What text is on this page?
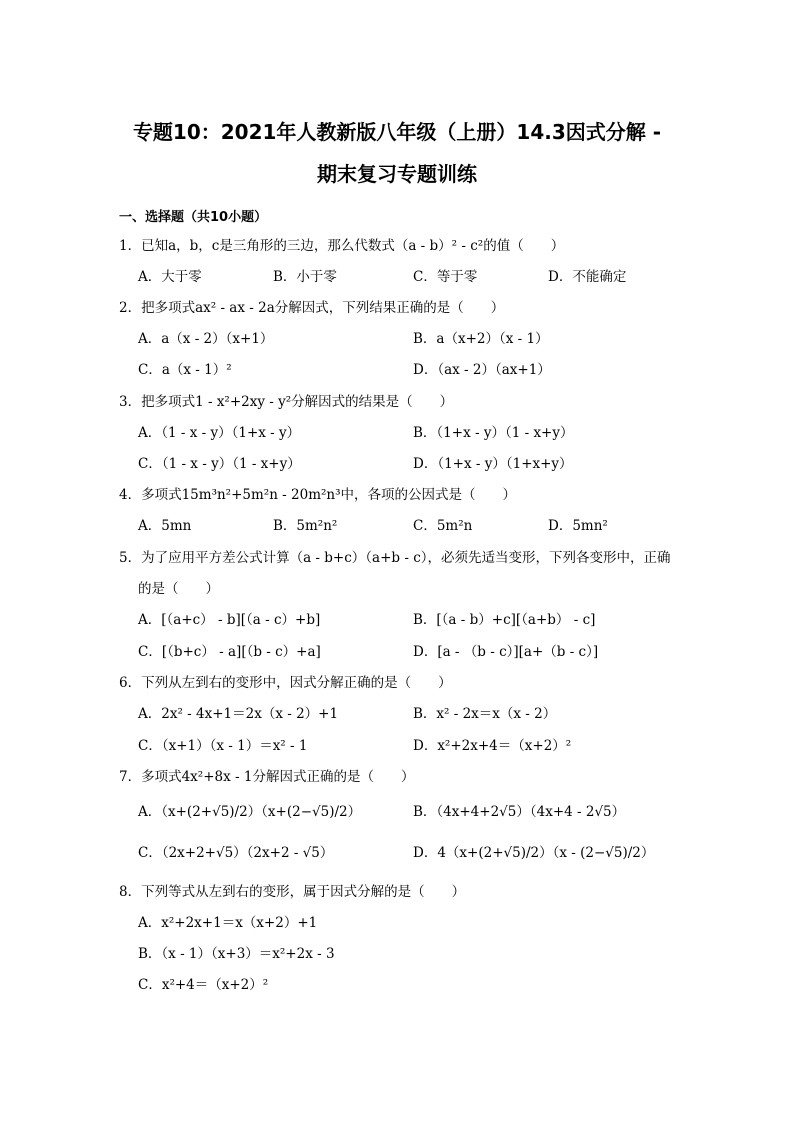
专题10：2021年人教新版八年级（上册）14.3因式分解 -
期末复习专题训练
一、选择题（共10小题）
1．已知a，b，c是三角形的三边，那么代数式（a - b）² - c²的值（　　）
A．大于零	B．小于零	C．等于零	D．不能确定
2．把多项式ax² - ax - 2a分解因式，下列结果正确的是（　　）
A．a（x - 2）（x+1）	B．a（x+2）（x - 1）
C．a（x - 1）²	D．（ax - 2）（ax+1）
3．把多项式1 - x²+2xy - y²分解因式的结果是（　　）
A．（1 - x - y）（1+x - y）	B．（1+x - y）（1 - x+y）
C．（1 - x - y）（1 - x+y）	D．（1+x - y）（1+x+y）
4．多项式15m³n²+5m²n - 20m²n³中，各项的公因式是（　　）
A．5mn	B．5m²n²	C．5m²n	D．5mn²
5．为了应用平方差公式计算（a - b+c）（a+b - c），必须先适当变形，下列各变形中，正确
的是（　　）
A．[（a+c） - b][（a - c）+b]	B．[（a - b）+c][（a+b） - c]
C．[（b+c） - a][（b - c）+a]	D．[a - （b - c）][a+（b - c）]
6．下列从左到右的变形中，因式分解正确的是（　　）
A．2x² - 4x+1＝2x（x - 2）+1	B．x² - 2x＝x（x - 2）
C．（x+1）（x - 1）＝x² - 1	D．x²+2x+4＝（x+2）²
7．多项式4x²+8x - 1分解因式正确的是（　　）
A．（x+(2+√5)/2）（x+(2−√5)/2）	B．（4x+4+2√5）（4x+4 - 2√5）
C．（2x+2+√5）（2x+2 - √5）	D．4（x+(2+√5)/2）（x - (2−√5)/2）
8．下列等式从左到右的变形，属于因式分解的是（　　）
A．x²+2x+1＝x（x+2）+1
B．（x - 1）（x+3）＝x²+2x - 3
C．x²+4＝（x+2）²
